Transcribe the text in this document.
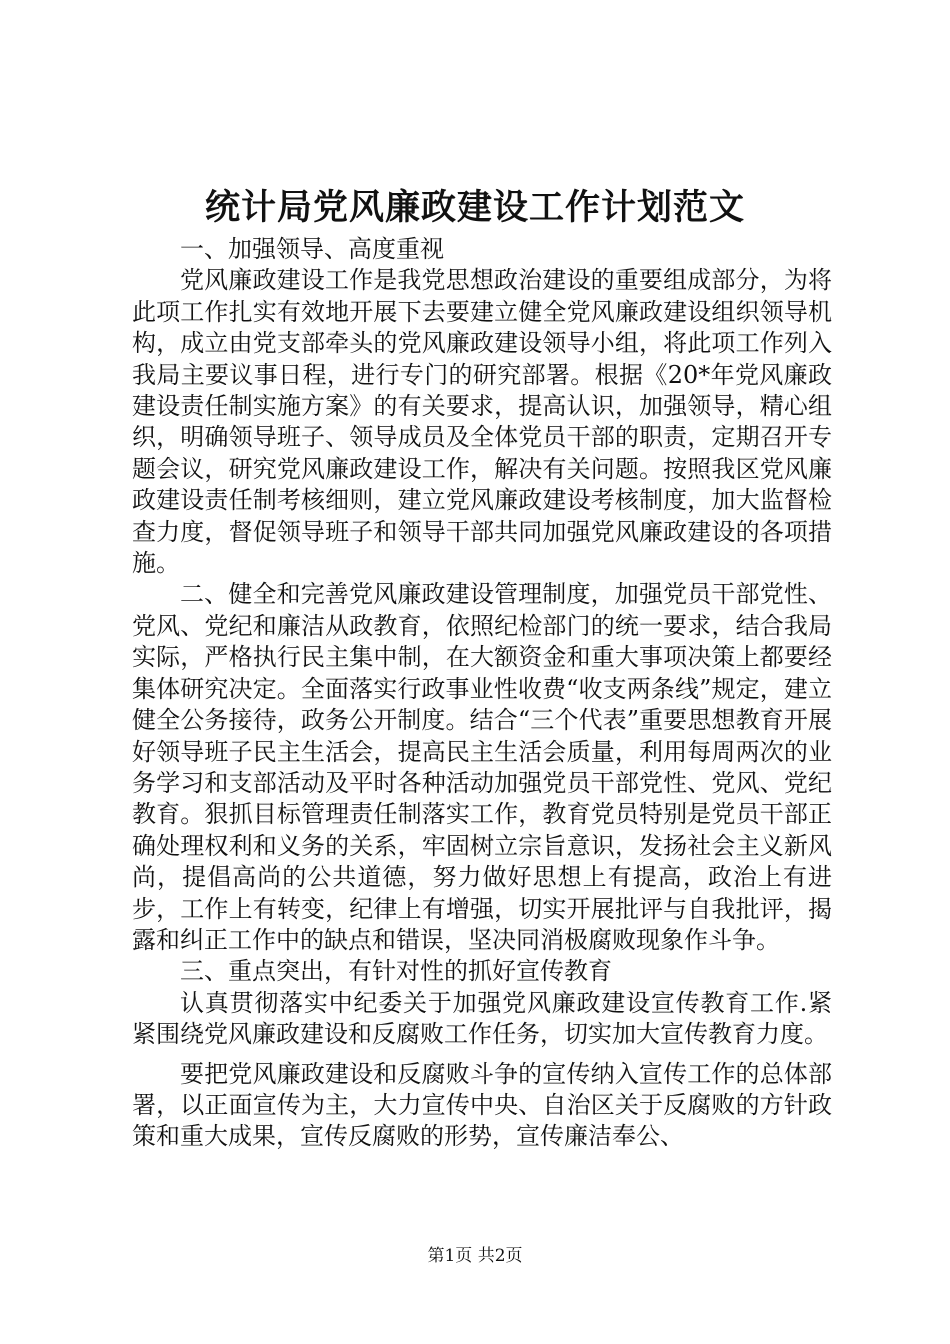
统计局党风廉政建设工作计划范文

一、加强领导、高度重视

党风廉政建设工作是我党思想政治建设的重要组成部分，为将此项工作扎实有效地开展下去要建立健全党风廉政建设组织领导机构，成立由党支部牵头的党风廉政建设领导小组，将此项工作列入我局主要议事日程，进行专门的研究部署。根据《20*年党风廉政建设责任制实施方案》的有关要求，提高认识，加强领导，精心组织，明确领导班子、领导成员及全体党员干部的职责，定期召开专题会议，研究党风廉政建设工作，解决有关问题。按照我区党风廉政建设责任制考核细则，建立党风廉政建设考核制度，加大监督检查力度，督促领导班子和领导干部共同加强党风廉政建设的各项措施。

二、健全和完善党风廉政建设管理制度，加强党员干部党性、党风、党纪和廉洁从政教育，依照纪检部门的统一要求，结合我局实际，严格执行民主集中制，在大额资金和重大事项决策上都要经集体研究决定。全面落实行政事业性收费“收支两条线”规定，建立健全公务接待，政务公开制度。结合“三个代表”重要思想教育开展好领导班子民主生活会，提高民主生活会质量，利用每周两次的业务学习和支部活动及平时各种活动加强党员干部党性、党风、党纪教育。狠抓目标管理责任制落实工作，教育党员特别是党员干部正确处理权利和义务的关系，牢固树立宗旨意识，发扬社会主义新风尚，提倡高尚的公共道德，努力做好思想上有提高，政治上有进步，工作上有转变，纪律上有增强，切实开展批评与自我批评，揭露和纠正工作中的缺点和错误，坚决同消极腐败现象作斗争。

三、重点突出，有针对性的抓好宣传教育

认真贯彻落实中纪委关于加强党风廉政建设宣传教育工作.紧紧围绕党风廉政建设和反腐败工作任务，切实加大宣传教育力度。

要把党风廉政建设和反腐败斗争的宣传纳入宣传工作的总体部署，以正面宣传为主，大力宣传中央、自治区关于反腐败的方针政策和重大成果，宣传反腐败的形势，宣传廉洁奉公、

第1页 共2页
